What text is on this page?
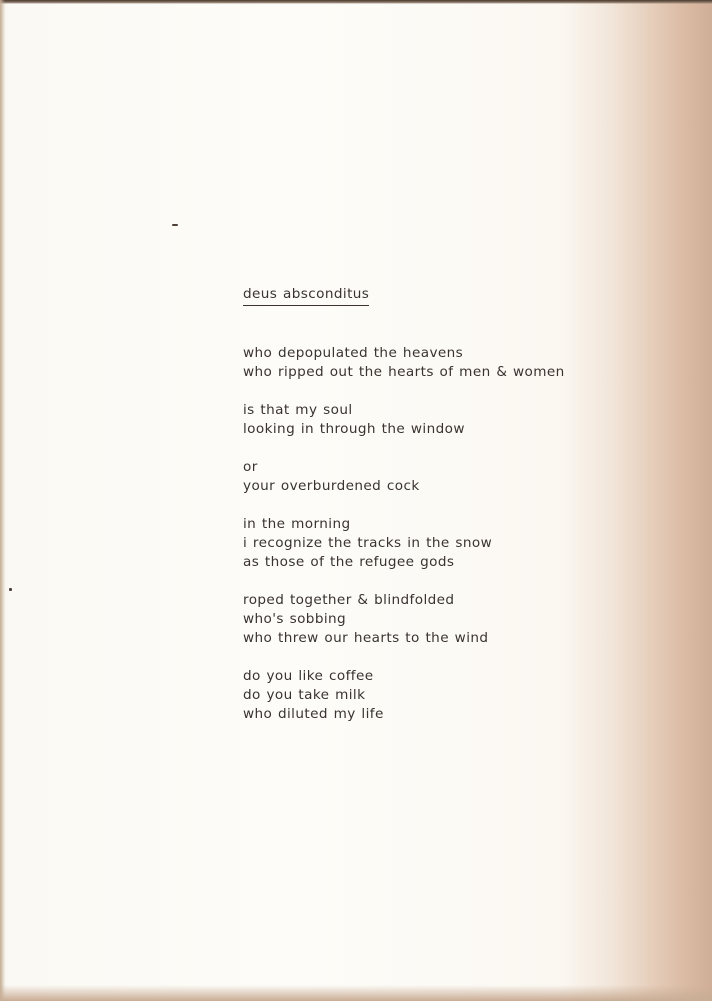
deus absconditus
who depopulated the heavens
who ripped out the hearts of men & women
is that my soul
looking in through the window
or
your overburdened cock
in the morning
i recognize the tracks in the snow
as those of the refugee gods
roped together & blindfolded
who's sobbing
who threw our hearts to the wind
do you like coffee
do you take milk
who diluted my life
